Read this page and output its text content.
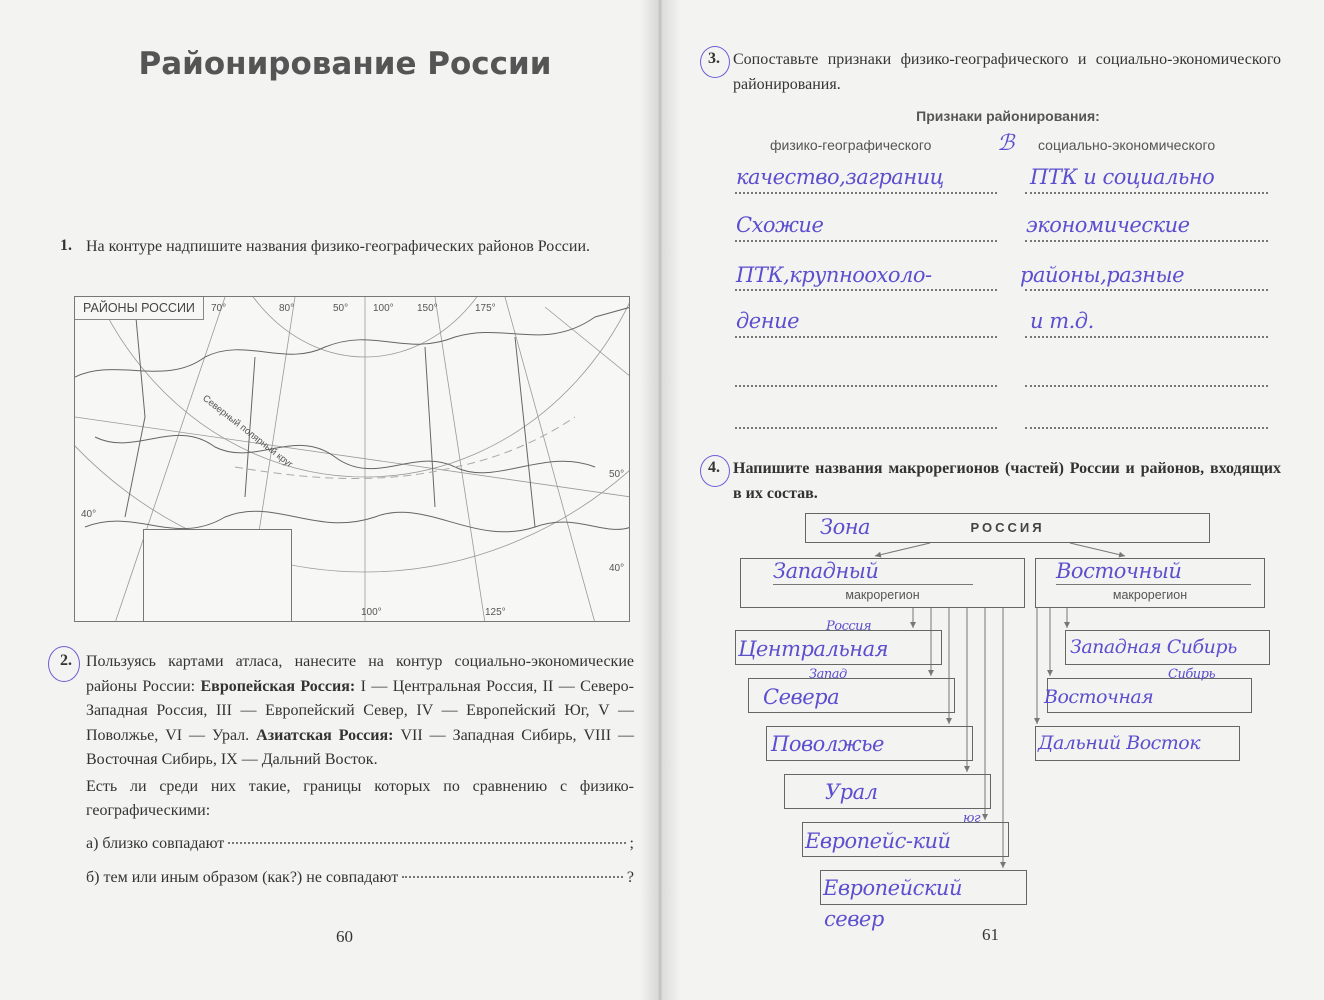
Районирование России
1. На контуре надпишите названия физико-географических районов России.
РАЙОНЫ РОССИИ	70°	80°	50° 100° 150°	175°
40°
50°
40°
100°	125°
Северный полярный круг
2. Пользуясь картами атласа, нанесите на контур социально-экономические районы России: Европейская Россия: I — Центральная Россия, II — Северо-Западная Россия, III — Европейский Север, IV — Европейский Юг, V — Поволжье, VI — Урал. Азиатская Россия: VII — Западная Сибирь, VIII — Восточная Сибирь, IX — Дальний Восток.
Есть ли среди них такие, границы которых по сравнению с физико-географическими:
а) близко совпадают	;
б) тем или иным образом (как?) не совпадают	?
60
3. Сопоставьте признаки физико-географического и социально-экономического районирования.
Признаки районирования:
физико-географического	ℬ социально-экономического
качество,заграниц
Схожие
ПТК,крупноохоло-
дение
ПТК и социально
экономические
районы,разные
и т.д.
4. Напишите названия макрорегионов (частей) России и районов, входящих в их состав.
РОССИЯ
Зона
Западный
макрорегион
Восточный
макрорегион
Россия
Центральная
Запад
Севера
Поволжье
Урал
юг
Европейс-кий
Европейский
север
Западная Сибирь
Сибирь
Восточная
Дальний Восток
61
